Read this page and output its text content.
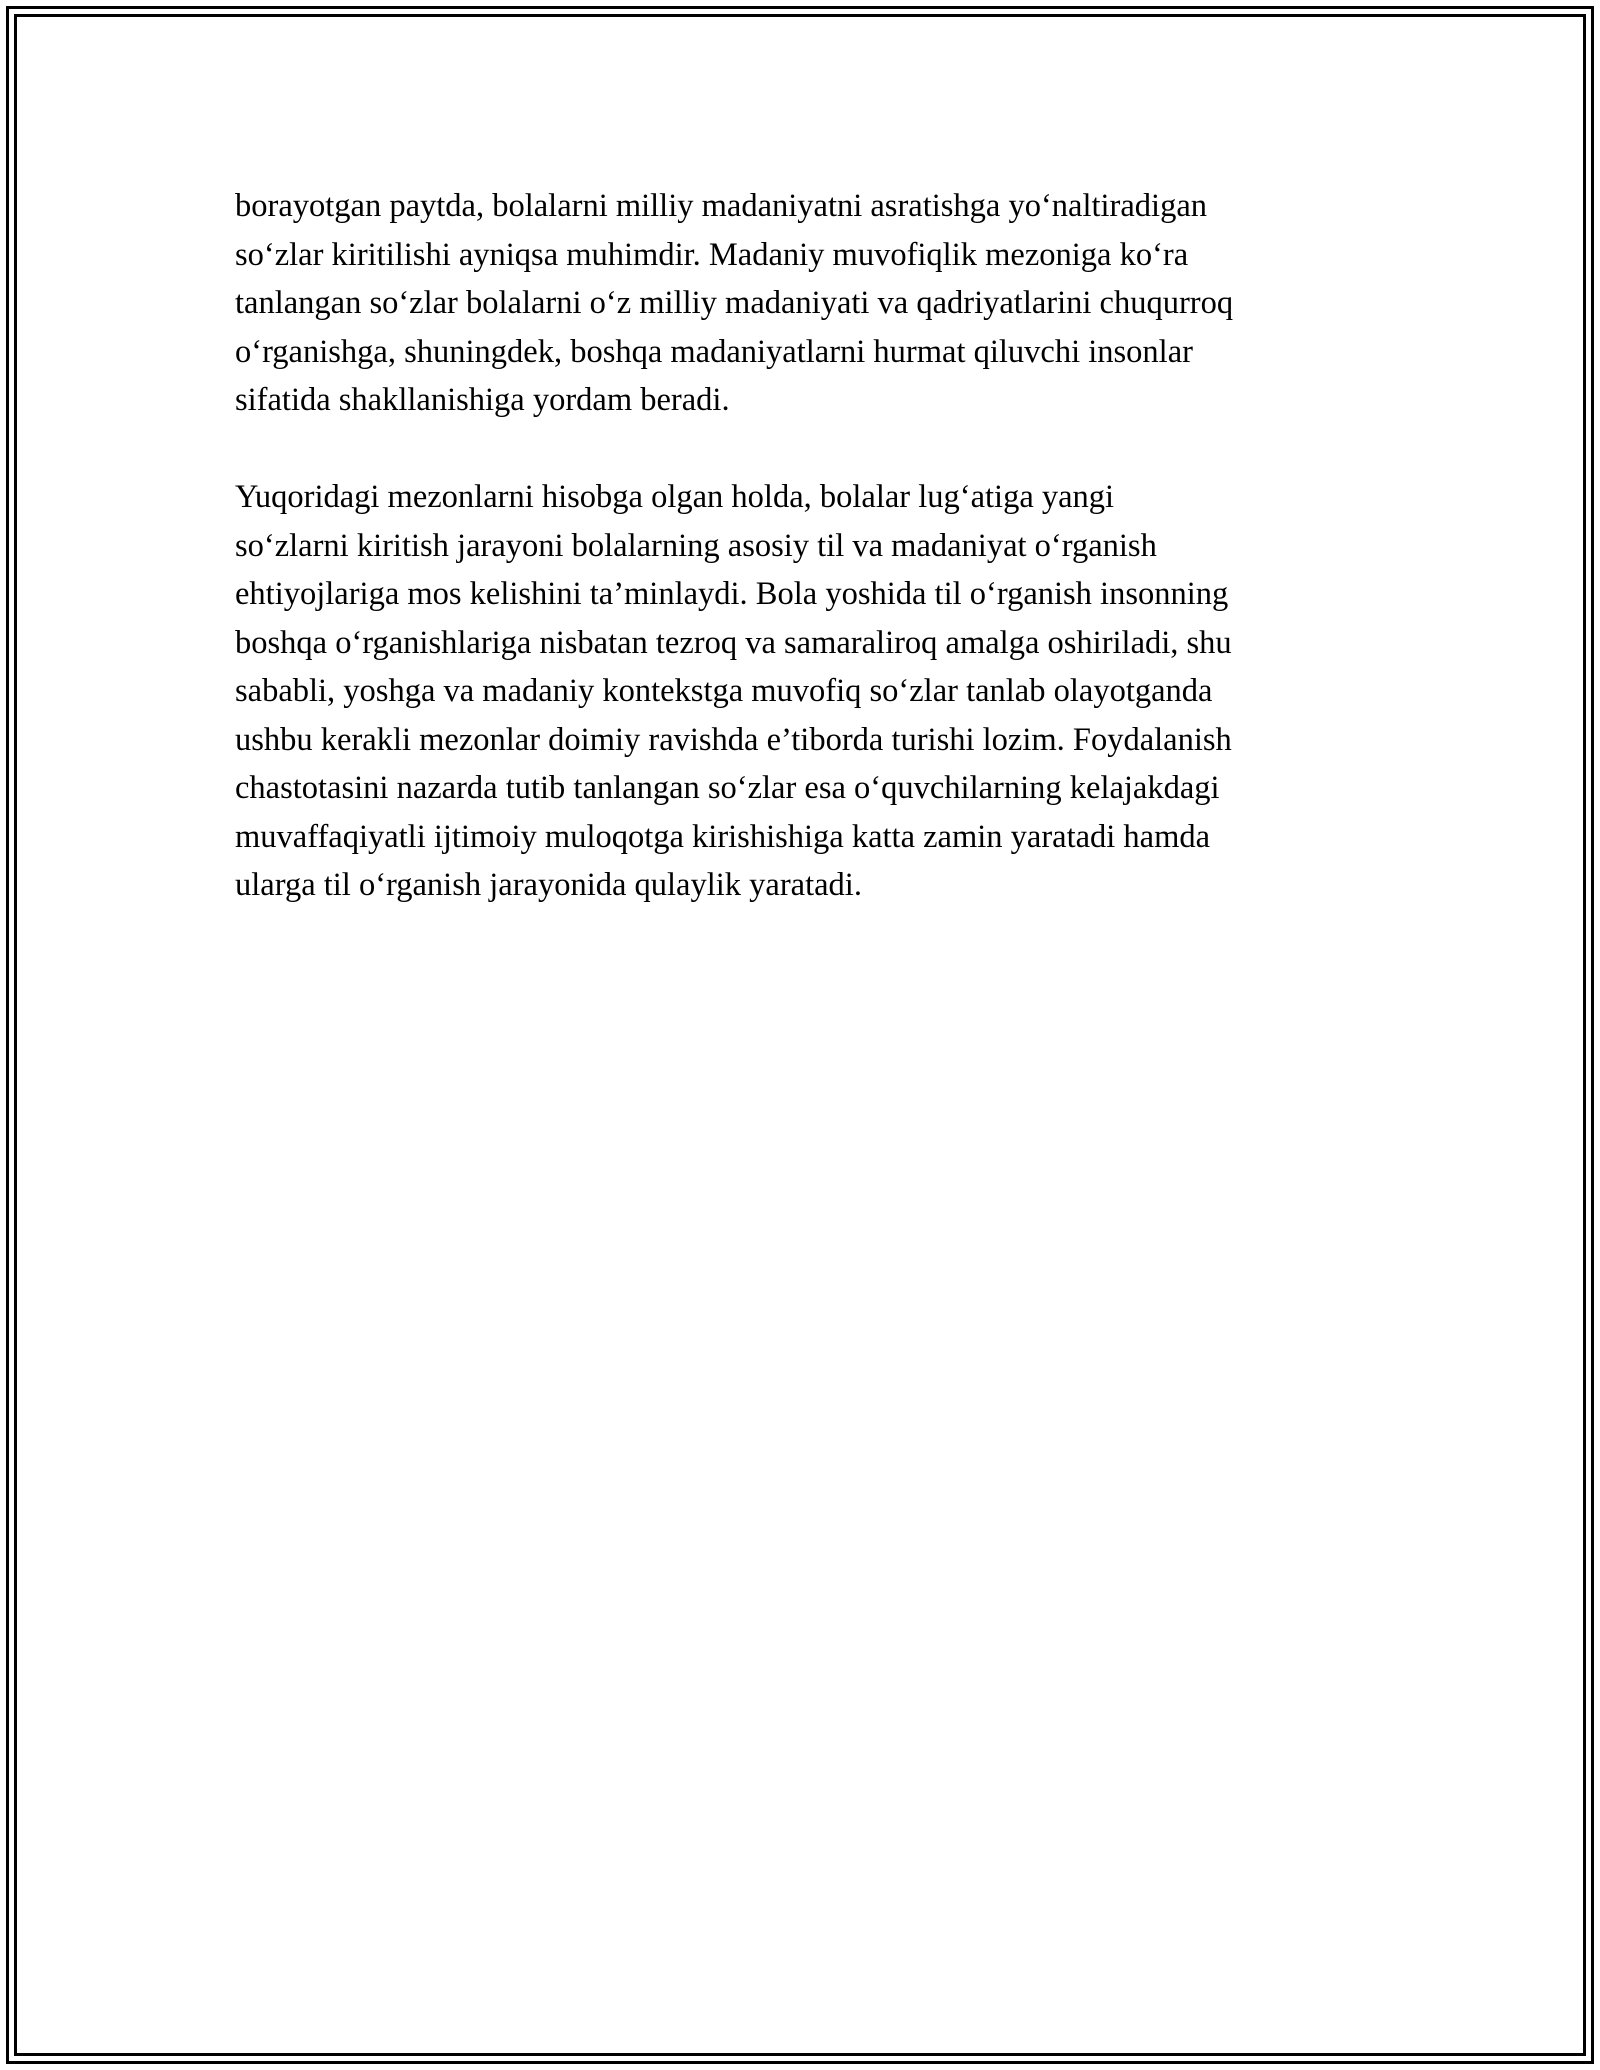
borayotgan paytda, bolalarni milliy madaniyatni asratishga yo‘naltiradigan
so‘zlar kiritilishi ayniqsa muhimdir. Madaniy muvofiqlik mezoniga ko‘ra
tanlangan so‘zlar bolalarni o‘z milliy madaniyati va qadriyatlarini chuqurroq
o‘rganishga, shuningdek, boshqa madaniyatlarni hurmat qiluvchi insonlar
sifatida shakllanishiga yordam beradi.

Yuqoridagi mezonlarni hisobga olgan holda, bolalar lug‘atiga yangi
so‘zlarni kiritish jarayoni bolalarning asosiy til va madaniyat o‘rganish
ehtiyojlariga mos kelishini ta’minlaydi. Bola yoshida til o‘rganish insonning
boshqa o‘rganishlariga nisbatan tezroq va samaraliroq amalga oshiriladi, shu
sababli, yoshga va madaniy kontekstga muvofiq so‘zlar tanlab olayotganda
ushbu kerakli mezonlar doimiy ravishda e’tiborda turishi lozim. Foydalanish
chastotasini nazarda tutib tanlangan so‘zlar esa o‘quvchilarning kelajakdagi
muvaffaqiyatli ijtimoiy muloqotga kirishishiga katta zamin yaratadi hamda
ularga til o‘rganish jarayonida qulaylik yaratadi.
